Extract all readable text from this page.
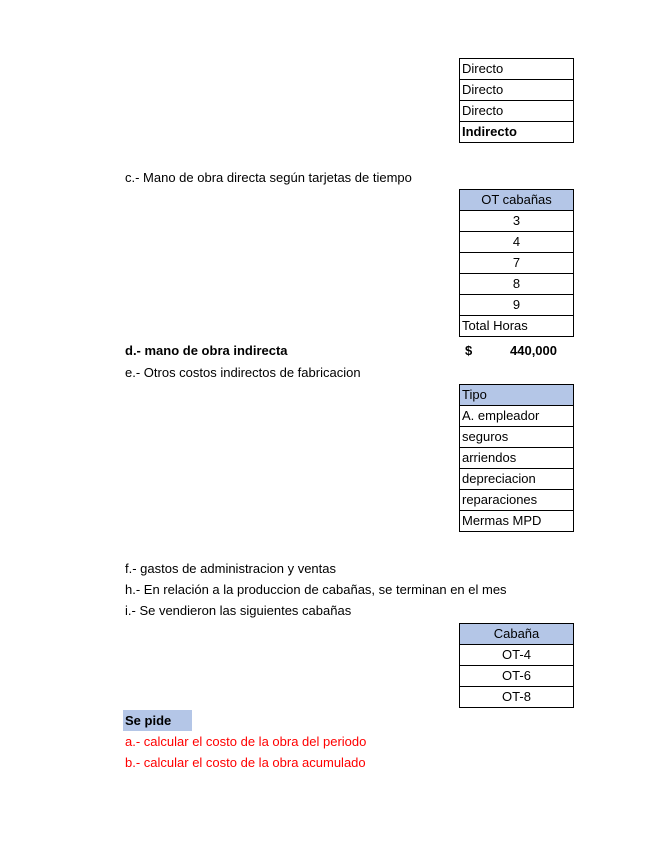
Directo
Directo
Directo
Indirecto
c.- Mano de obra directa según tarjetas de tiempo
OT cabañas
3
4
7
8
9
Total Horas
d.- mano de obra indirecta	$	440,000
e.- Otros costos indirectos de fabricacion
Tipo
A. empleador
seguros
arriendos
depreciacion
reparaciones
Mermas MPD
f.- gastos de administracion y ventas
h.- En relación a la produccion de cabañas, se terminan en el mes
i.- Se vendieron las siguientes cabañas
Cabaña
OT-4
OT-6
OT-8
Se pide
a.- calcular el costo de la obra del periodo
b.- calcular el costo de la obra acumulado
